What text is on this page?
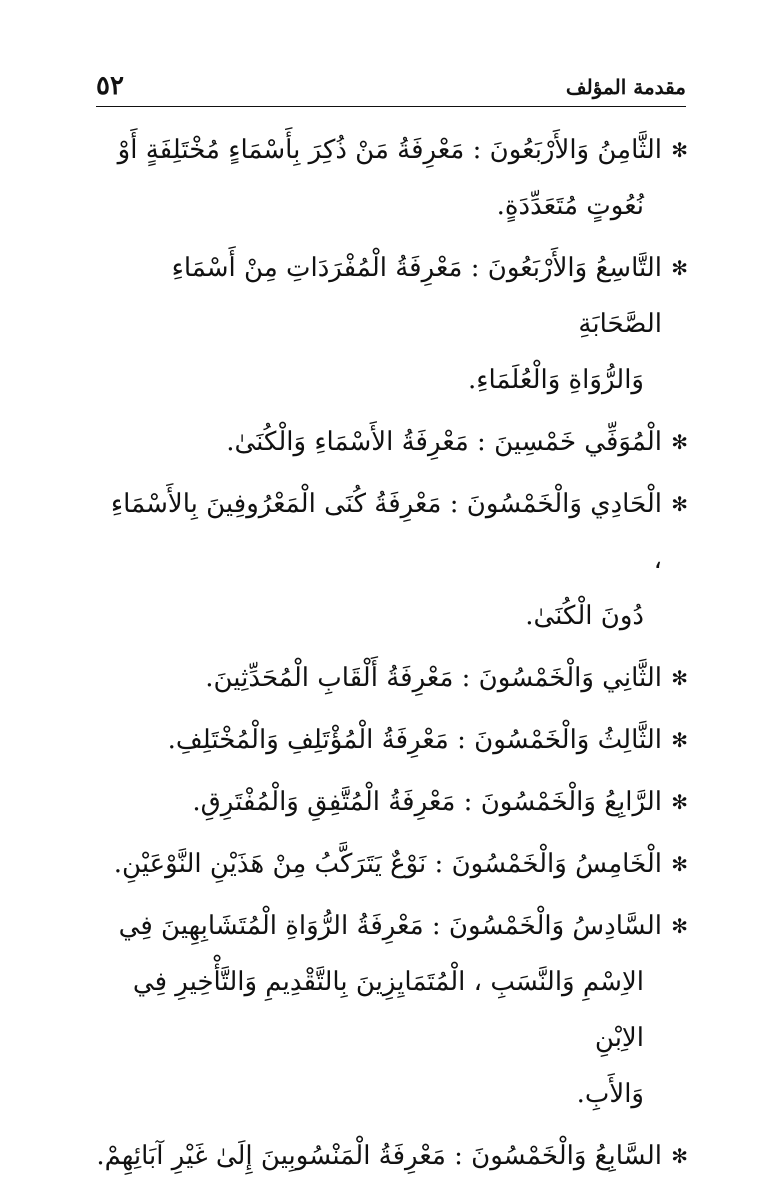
مقدمة المؤلف
٥٢
✻
الثَّامِنُ وَالأَرْبَعُونَ : مَعْرِفَةُ مَنْ ذُكِرَ بِأَسْمَاءٍ مُخْتَلِفَةٍ أَوْ
نُعُوتٍ مُتَعَدِّدَةٍ.
✻
التَّاسِعُ وَالأَرْبَعُونَ : مَعْرِفَةُ الْمُفْرَدَاتِ مِنْ أَسْمَاءِ الصَّحَابَةِ
وَالرُّوَاةِ وَالْعُلَمَاءِ.
✻
الْمُوَفِّي خَمْسِينَ : مَعْرِفَةُ الأَسْمَاءِ وَالْكُنَىٰ.
✻
الْحَادِي وَالْخَمْسُونَ : مَعْرِفَةُ كُنَى الْمَعْرُوفِينَ بِالأَسْمَاءِ ،
دُونَ الْكُنَىٰ.
✻
الثَّانِي وَالْخَمْسُونَ : مَعْرِفَةُ أَلْقَابِ الْمُحَدِّثِينَ.
✻
الثَّالِثُ وَالْخَمْسُونَ : مَعْرِفَةُ الْمُؤْتَلِفِ وَالْمُخْتَلِفِ.
✻
الرَّابِعُ وَالْخَمْسُونَ : مَعْرِفَةُ الْمُتَّفِقِ وَالْمُفْتَرِقِ.
✻
الْخَامِسُ وَالْخَمْسُونَ : نَوْعٌ يَتَرَكَّبُ مِنْ هَذَيْنِ النَّوْعَيْنِ.
✻
السَّادِسُ وَالْخَمْسُونَ : مَعْرِفَةُ الرُّوَاةِ الْمُتَشَابِهِينَ فِي
الاِسْمِ وَالنَّسَبِ ، الْمُتَمَايِزِينَ بِالتَّقْدِيمِ وَالتَّأْخِيرِ فِي الاِبْنِ
وَالأَبِ.
✻
السَّابِعُ وَالْخَمْسُونَ : مَعْرِفَةُ الْمَنْسُوبِينَ إِلَىٰ غَيْرِ آبَائِهِمْ.
